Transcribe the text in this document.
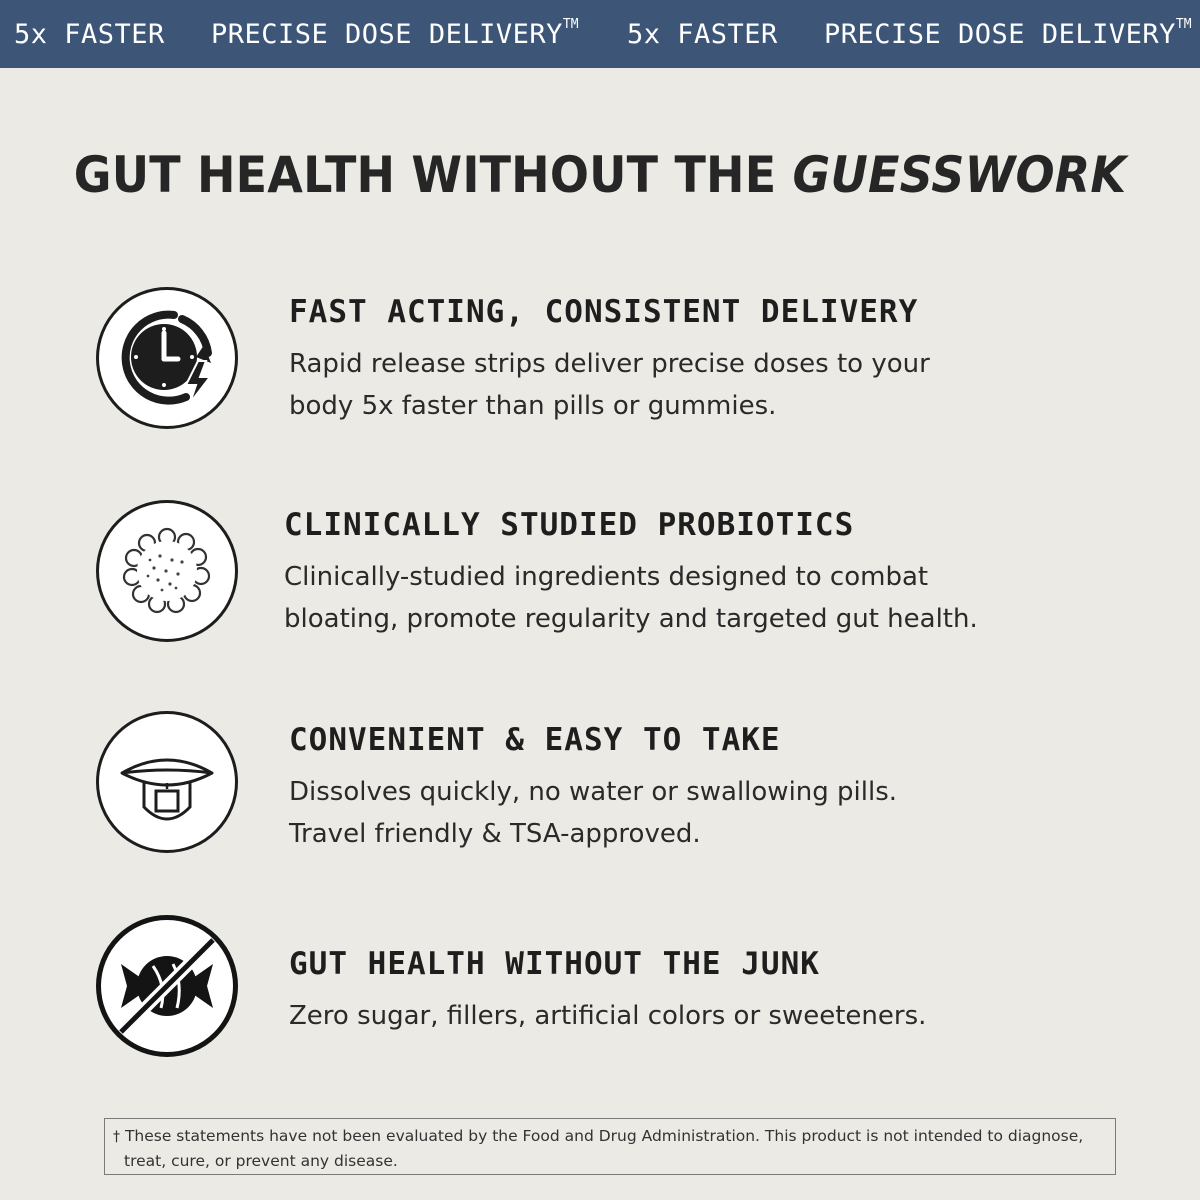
5x FASTER PRECISE DOSE DELIVERY™ 5x FASTER PRECISE DOSE DELIVERY™
GUT HEALTH WITHOUT THE GUESSWORK
FAST ACTING, CONSISTENT DELIVERY
Rapid release strips deliver precise doses to your
body 5x faster than pills or gummies.
CLINICALLY STUDIED PROBIOTICS
Clinically-studied ingredients designed to combat
bloating, promote regularity and targeted gut health.
CONVENIENT & EASY TO TAKE
Dissolves quickly, no water or swallowing pills.
Travel friendly & TSA-approved.
GUT HEALTH WITHOUT THE JUNK
Zero sugar, fillers, artificial colors or sweeteners.
† These statements have not been evaluated by the Food and Drug Administration. This product is not intended to diagnose,
treat, cure, or prevent any disease.
